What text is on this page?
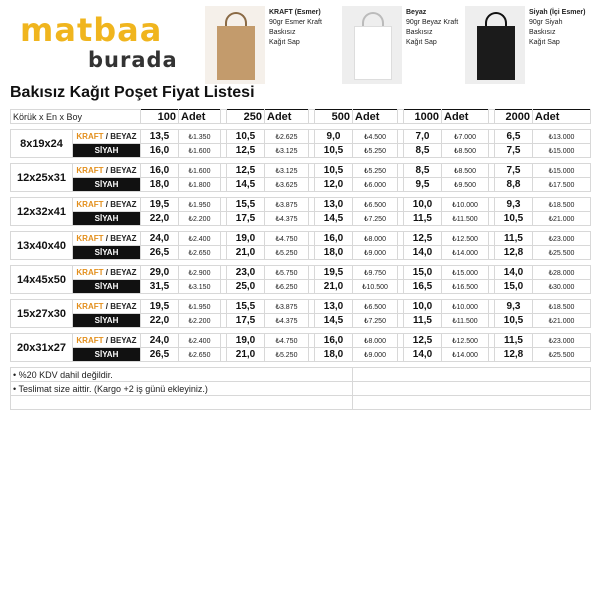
matbaa
burada
KRAFT (Esmer)
90gr Esmer Kraft
Baskısız
Kağıt Sap
Beyaz
90gr Beyaz Kraft
Baskısız
Kağıt Sap
Siyah (İçi Esmer)
90gr Siyah
Baskısız
Kağıt Sap
Bakısız Kağıt Poşet Fiyat Listesi
Körük x En x Boy		100	Adet		250	Adet		500	Adet		1000	Adet		2000	Adet

8x19x24	KRAFT / BEYAZ	13,5	₺1.350		10,5	₺2.625		9,0	₺4.500		7,0	₺7.000		6,5	₺13.000
	SİYAH	16,0	₺1.600		12,5	₺3.125		10,5	₺5.250		8,5	₺8.500		7,5	₺15.000

12x25x31	KRAFT / BEYAZ	16,0	₺1.600		12,5	₺3.125		10,5	₺5.250		8,5	₺8.500		7,5	₺15.000
	SİYAH	18,0	₺1.800		14,5	₺3.625		12,0	₺6.000		9,5	₺9.500		8,8	₺17.500

12x32x41	KRAFT / BEYAZ	19,5	₺1.950		15,5	₺3.875		13,0	₺6.500		10,0	₺10.000		9,3	₺18.500
	SİYAH	22,0	₺2.200		17,5	₺4.375		14,5	₺7.250		11,5	₺11.500		10,5	₺21.000

13x40x40	KRAFT / BEYAZ	24,0	₺2.400		19,0	₺4.750		16,0	₺8.000		12,5	₺12.500		11,5	₺23.000
	SİYAH	26,5	₺2.650		21,0	₺5.250		18,0	₺9.000		14,0	₺14.000		12,8	₺25.500

14x45x50	KRAFT / BEYAZ	29,0	₺2.900		23,0	₺5.750		19,5	₺9.750		15,0	₺15.000		14,0	₺28.000
	SİYAH	31,5	₺3.150		25,0	₺6.250		21,0	₺10.500		16,5	₺16.500		15,0	₺30.000

15x27x30	KRAFT / BEYAZ	19,5	₺1.950		15,5	₺3.875		13,0	₺6.500		10,0	₺10.000		9,3	₺18.500
	SİYAH	22,0	₺2.200		17,5	₺4.375		14,5	₺7.250		11,5	₺11.500		10,5	₺21.000

20x31x27	KRAFT / BEYAZ	24,0	₺2.400		19,0	₺4.750		16,0	₺8.000		12,5	₺12.500		11,5	₺23.000
	SİYAH	26,5	₺2.650		21,0	₺5.250		18,0	₺9.000		14,0	₺14.000		12,8	₺25.500

• %20 KDV dahil değildir.															
• Teslimat size aittir. (Kargo +2 iş günü ekleyiniz.)															
